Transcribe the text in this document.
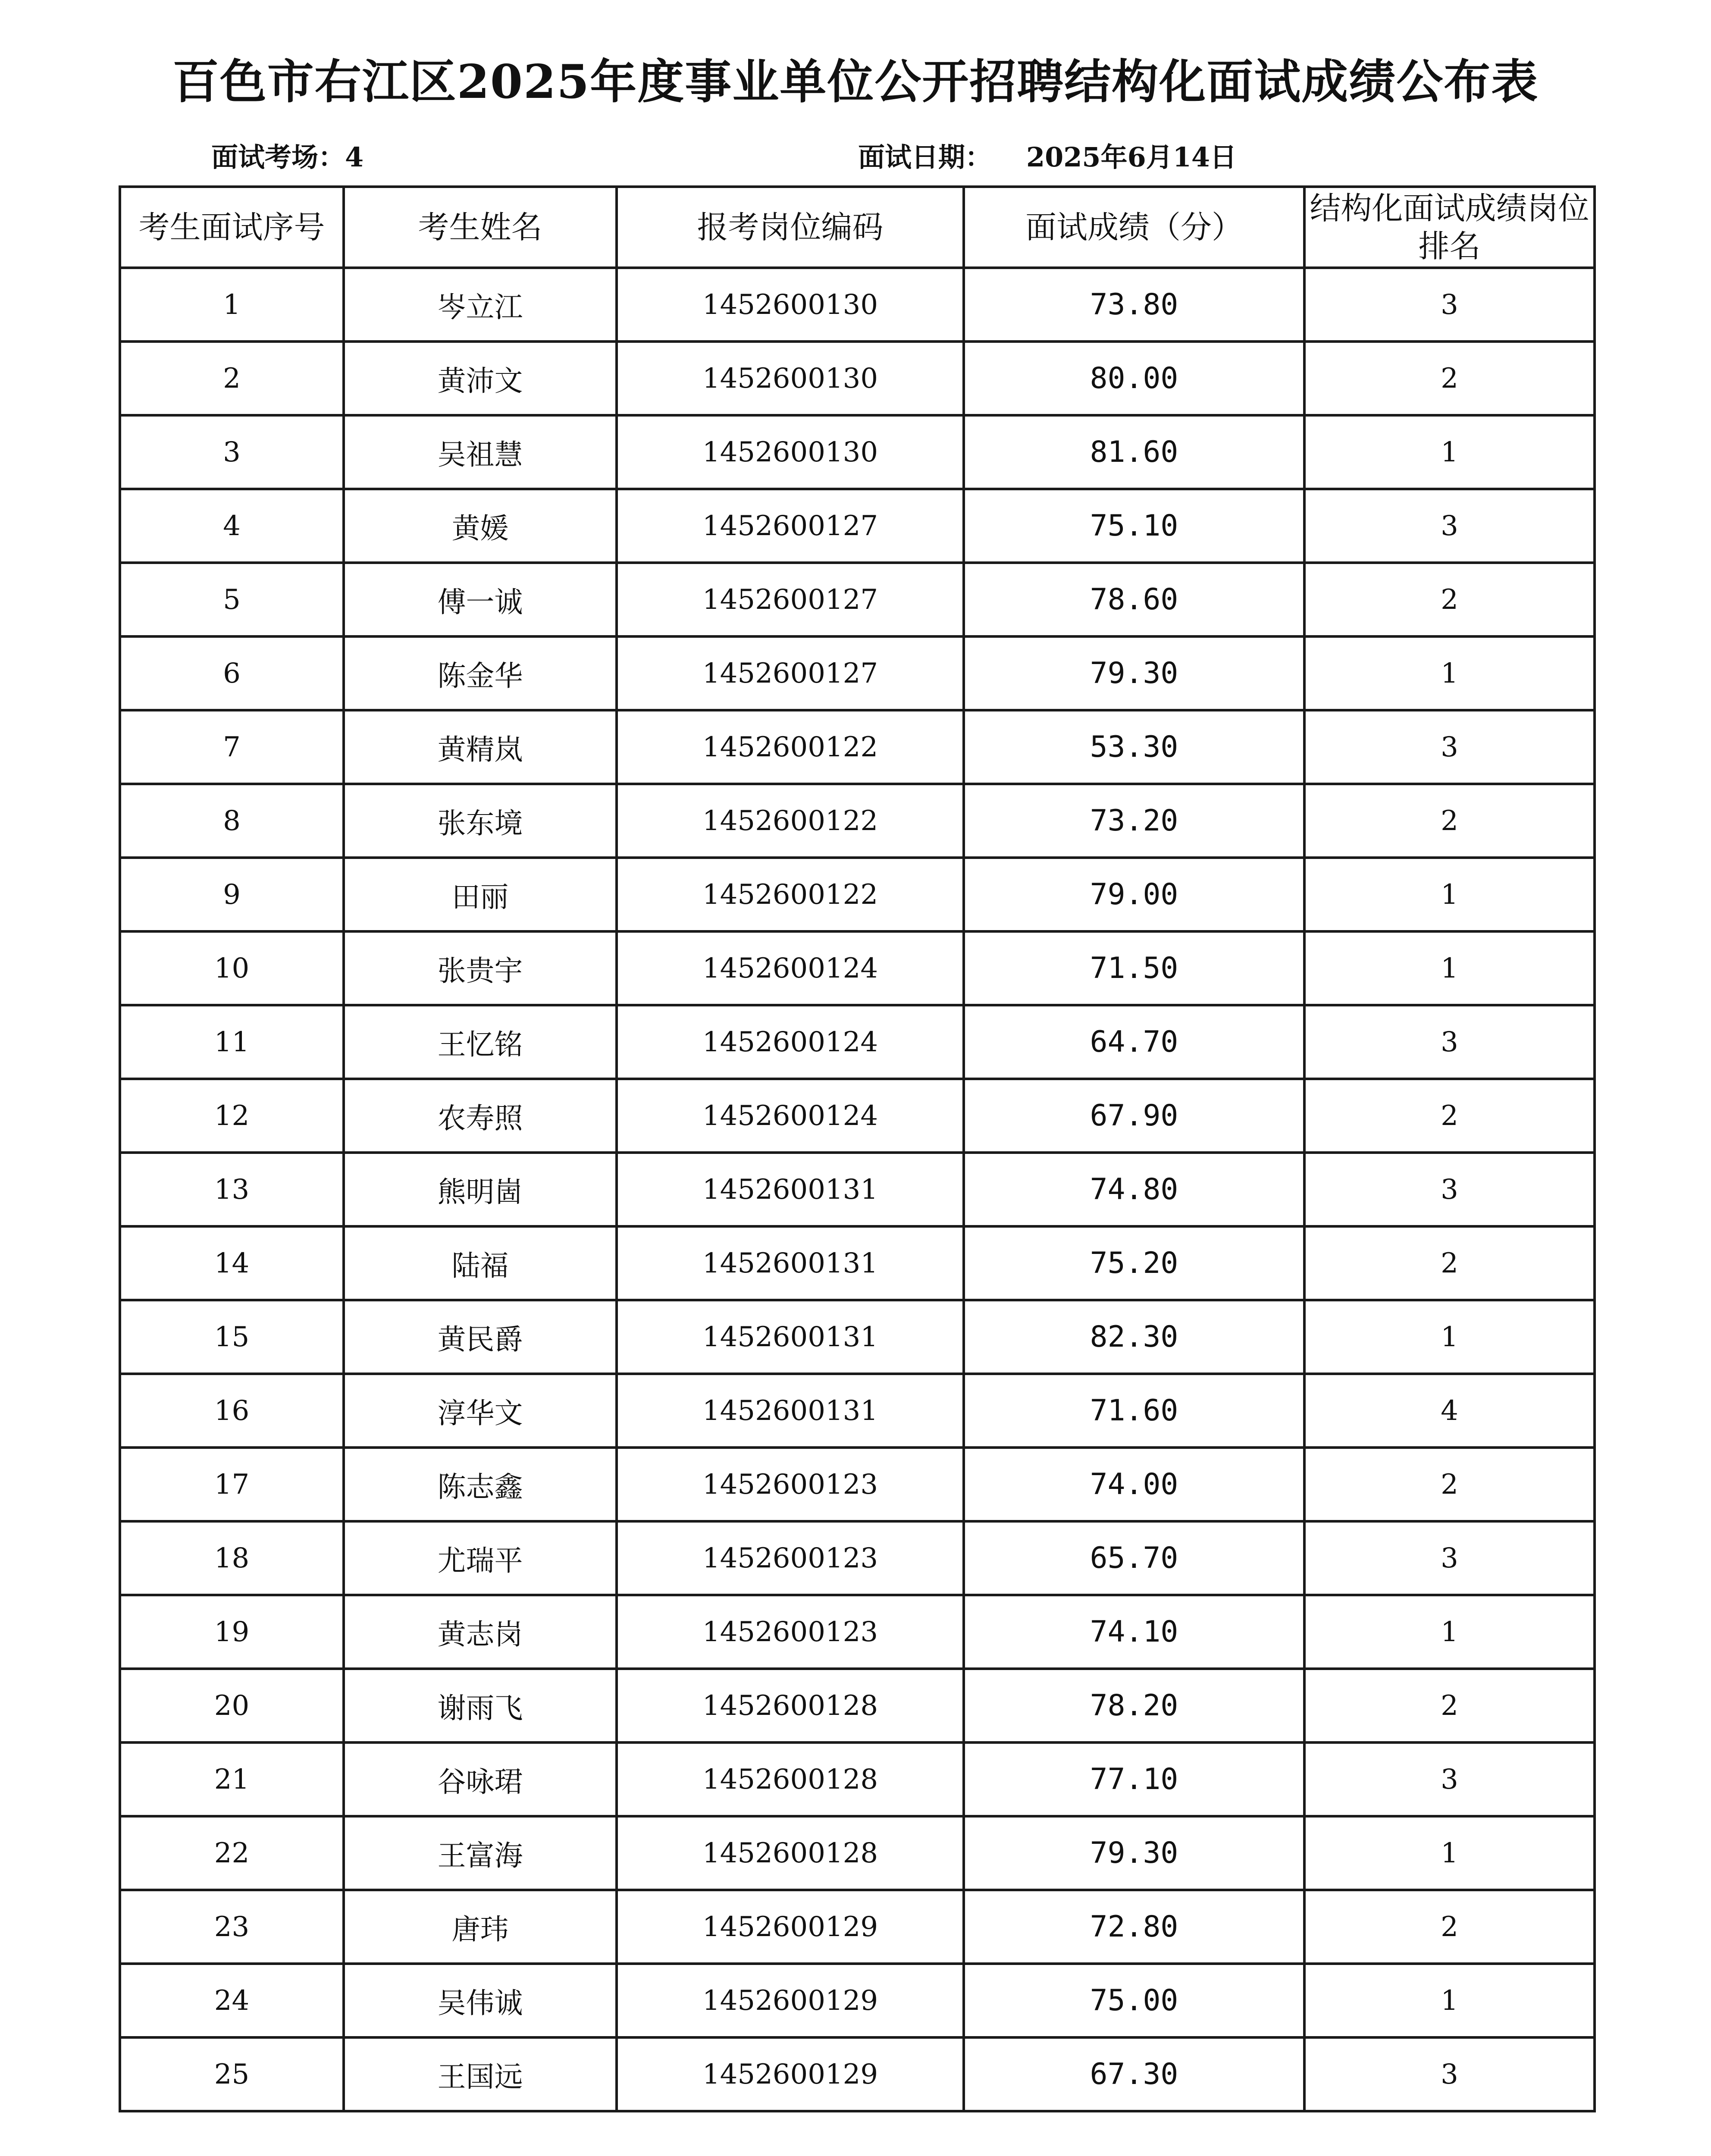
百色市右江区2025年度事业单位公开招聘结构化面试成绩公布表
面试考场：4	面试日期： 2025年6月14日
考生面试序号	考生姓名	报考岗位编码	面试成绩（分）	结构化面试成绩岗位排名
1	岑立江	1452600130	73.80	3
2	黄沛文	1452600130	80.00	2
3	吴祖慧	1452600130	81.60	1
4	黄媛	1452600127	75.10	3
5	傅一诚	1452600127	78.60	2
6	陈金华	1452600127	79.30	1
7	黄精岚	1452600122	53.30	3
8	张东境	1452600122	73.20	2
9	田丽	1452600122	79.00	1
10	张贵宇	1452600124	71.50	1
11	王忆铭	1452600124	64.70	3
12	农寿照	1452600124	67.90	2
13	熊明崮	1452600131	74.80	3
14	陆福	1452600131	75.20	2
15	黄民爵	1452600131	82.30	1
16	淳华文	1452600131	71.60	4
17	陈志鑫	1452600123	74.00	2
18	尤瑞平	1452600123	65.70	3
19	黄志岗	1452600123	74.10	1
20	谢雨飞	1452600128	78.20	2
21	谷咏珺	1452600128	77.10	3
22	王富海	1452600128	79.30	1
23	唐玮	1452600129	72.80	2
24	吴伟诚	1452600129	75.00	1
25	王国远	1452600129	67.30	3
